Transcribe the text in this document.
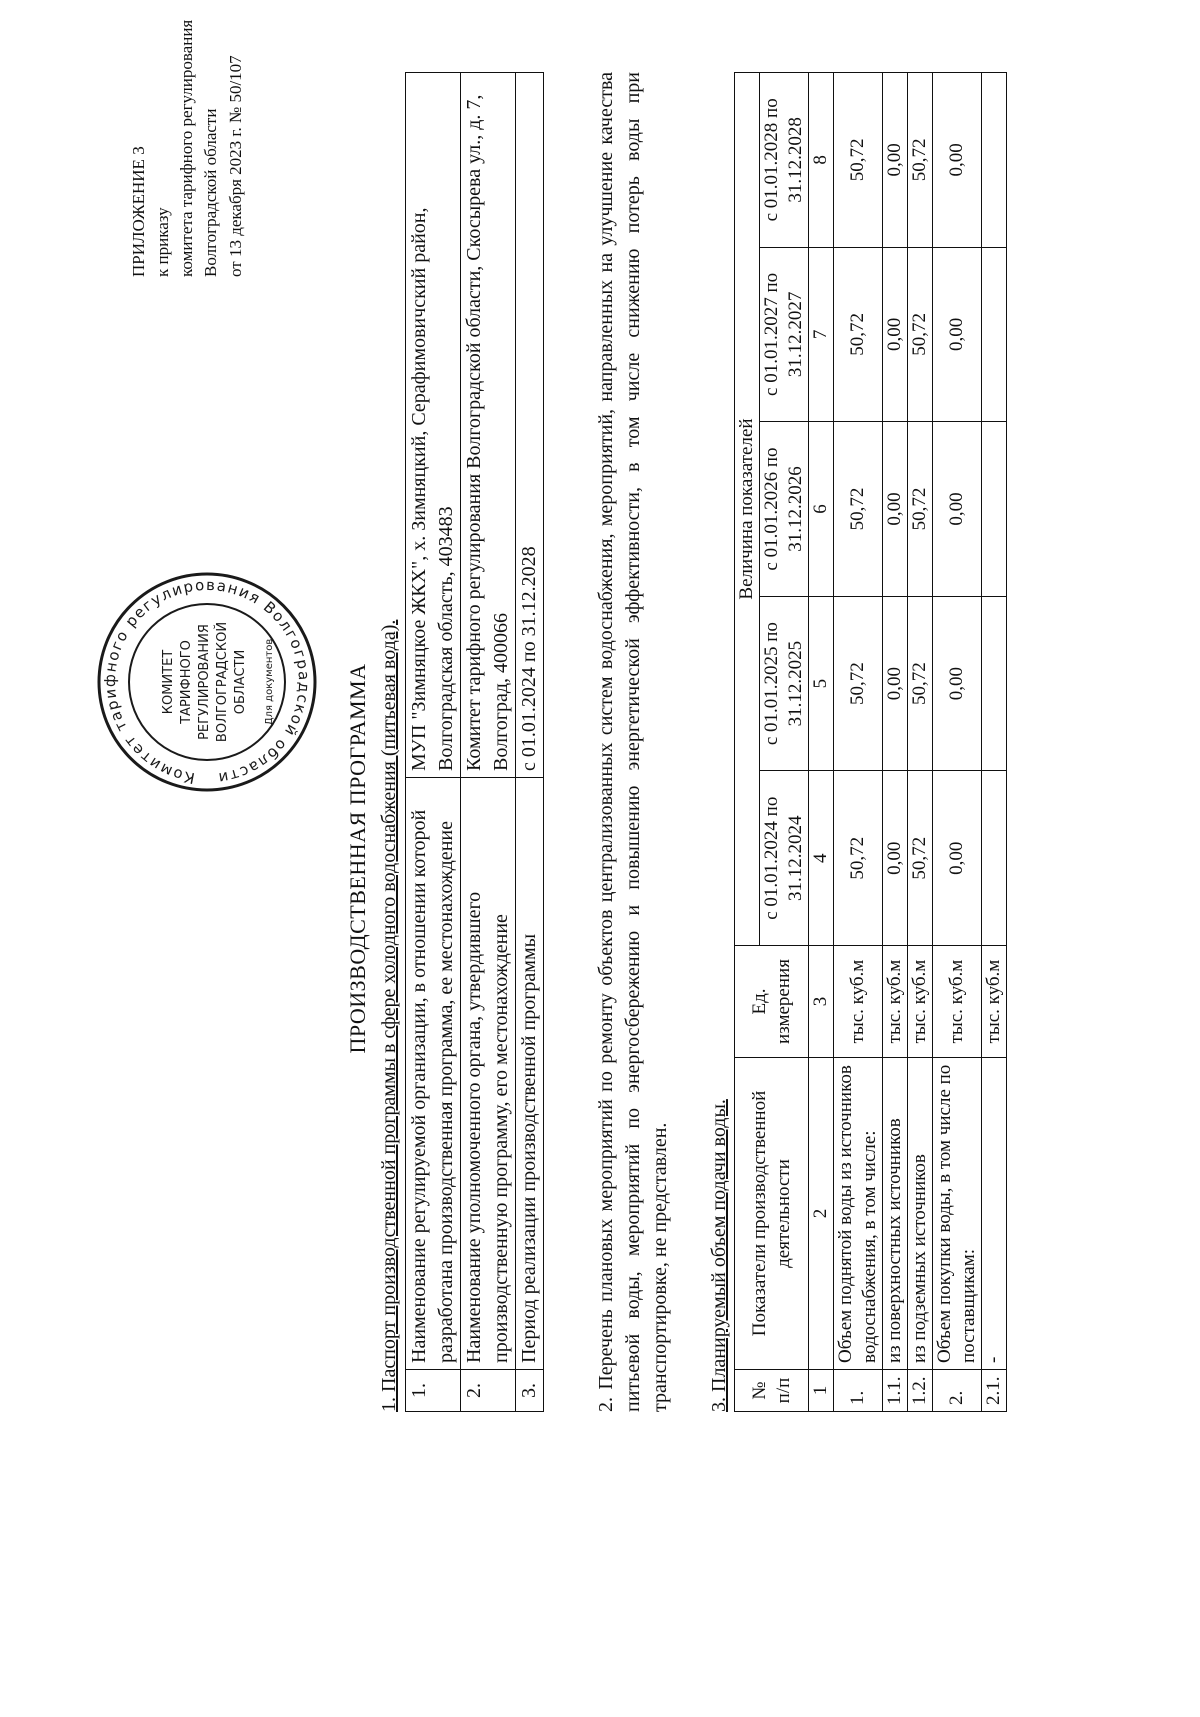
ПРИЛОЖЕНИЕ 3 к приказу комитета тарифного регулирования Волгоградской области от 13 декабря 2023 г. № 50/107
Комитет тарифного регулирования Волгоградской области
КОМИТЕТ ТАРИФНОГО РЕГУЛИРОВАНИЯ ВОЛГОГРАДСКОЙ ОБЛАСТИ Для документов	ПРОИЗВОДСТВЕННАЯ ПРОГРАММА 1. Паспорт производственной программы в сфере холодного водоснабжения (питьевая вода). 1.	Наименование регулируемой организации, в отношении которой разработана производственная программа, ее местонахождение	МУП "Зимняцкое ЖКХ", х. Зимняцкий, Серафимовичский район, Волгоградская область, 403483
2.	Наименование уполномоченного органа, утвердившего производственную программу, его местонахождение	Комитет тарифного регулирования Волгоградской области, Скосырева ул., д. 7, Волгоград, 400066
3.	Период реализации производственной программы	с 01.01.2024 по 31.12.2028	2. Перечень плановых мероприятий по ремонту объектов централизованных систем водоснабжения, мероприятий, направленных на улучшение качества питьевой воды, мероприятий по энергосбережению и повышению энергетической эффективности, в том числе снижению потерь воды при транспортировке, не представлен. 3. Планируемый объем подачи воды. № п/п	Показатели производственной деятельности	Ед. измерения	Величина показателей				
			с 01.01.2024 по 31.12.2024	с 01.01.2025 по 31.12.2025	с 01.01.2026 по 31.12.2026	с 01.01.2027 по 31.12.2027	с 01.01.2028 по 31.12.2028
1	2	3	4	5	6	7	8
1.	Объем поднятой воды из источников водоснабжения, в том числе:	тыс. куб.м	50,72	50,72	50,72	50,72	50,72
1.1.	из поверхностных источников	тыс. куб.м	0,00	0,00	0,00	0,00	0,00
1.2.	из подземных источников	тыс. куб.м	50,72	50,72	50,72	50,72	50,72
2.	Объем покупки воды, в том числе по поставщикам:	тыс. куб.м	0,00	0,00	0,00	0,00	0,00
2.1.	-	тыс. куб.м					
